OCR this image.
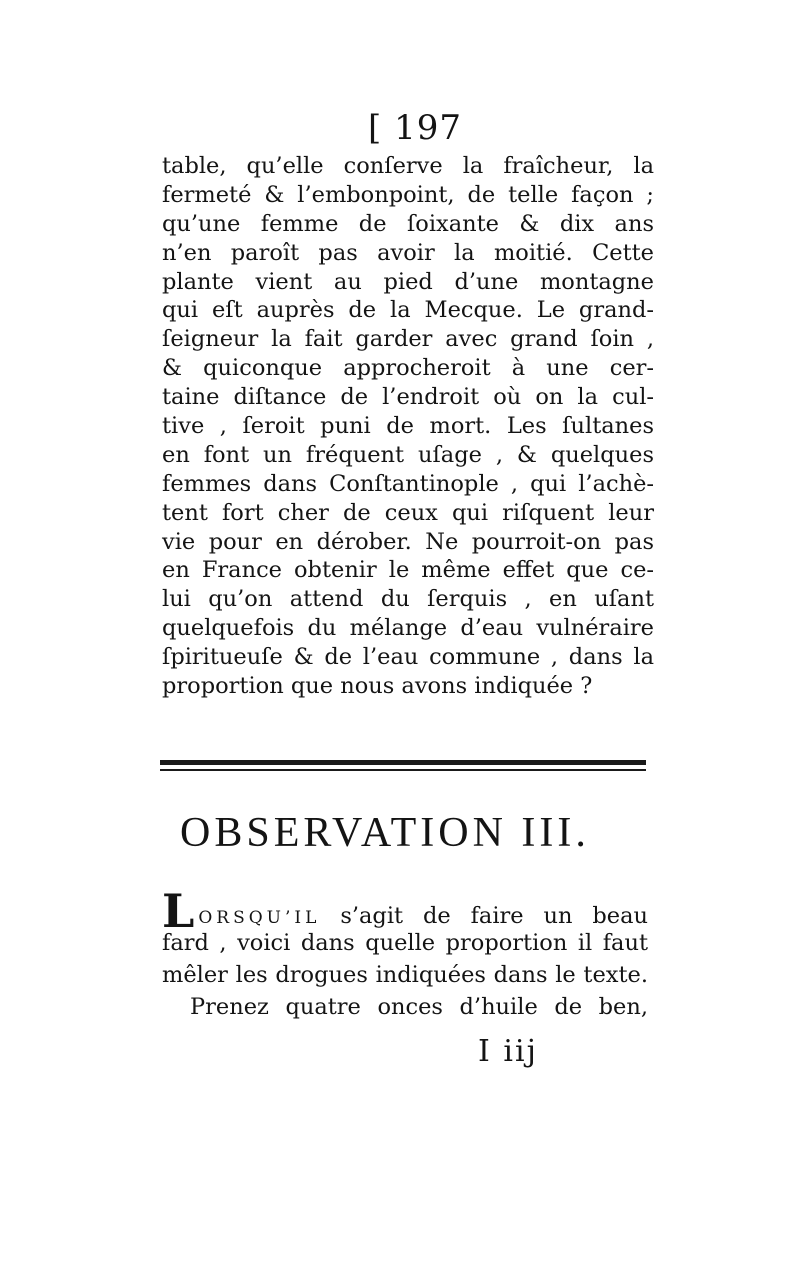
[ 197
table, qu’elle conſerve la fraîcheur, la
fermeté & l’embonpoint, de telle façon ;
qu’une femme de ſoixante & dix ans
n’en paroît pas avoir la moitié. Cette
plante vient au pied d’une montagne
qui eſt auprès de la Mecque. Le grand-
ſeigneur la fait garder avec grand ſoin ,
& quiconque approcheroit à une cer-
taine diſtance de l’endroit où on la cul-
tive , ſeroit puni de mort. Les ſultanes
en font un fréquent uſage , & quelques
femmes dans Conſtantinople , qui l’achè-
tent fort cher de ceux qui riſquent leur
vie pour en dérober. Ne pourroit-on pas
en France obtenir le même effet que ce-
lui qu’on attend du ſerquis , en uſant
quelquefois du mélange d’eau vulnéraire
ſpiritueuſe & de l’eau commune , dans la
proportion que nous avons indiquée ?
OBSERVATION III.
LORSQU’IL s’agit de faire un beau
fard , voici dans quelle proportion il faut
mêler les drogues indiquées dans le texte.
Prenez quatre onces d’huile de ben,
I iij
